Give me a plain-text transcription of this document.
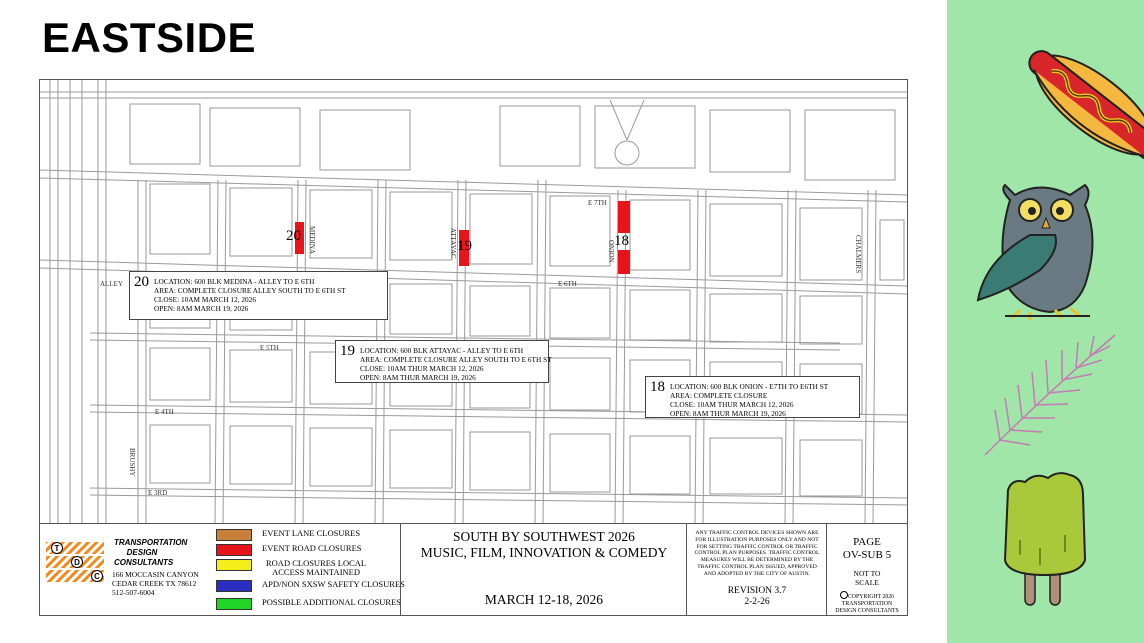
EASTSIDE
E 7TH
E 6TH
E 5TH
E 4TH
E 3RD
ALLEY
MEDINA	ATTAYAC	ONION	CHALMERS
BRUSHY
20
19	18
20 LOCATION: 600 BLK MEDINA - ALLEY TO E 6TH
AREA: COMPLETE CLOSURE ALLEY SOUTH TO E 6TH ST
CLOSE: 10AM MARCH 12, 2026
OPEN: 8AM MARCH 19, 2026
19 LOCATION: 600 BLK ATTAYAC - ALLEY TO E 6TH
AREA: COMPLETE CLOSURE ALLEY SOUTH TO E 6TH ST
CLOSE: 10AM THUR MARCH 12, 2026
OPEN: 8AM THUR MARCH 19, 2026
18 LOCATION: 600 BLK ONION - E7TH TO E6TH ST
AREA: COMPLETE CLOSURE
CLOSE: 10AM THUR MARCH 12, 2026
OPEN: 8AM THUR MARCH 19, 2026
T
D
C
TRANSPORTATION
DESIGN
CONSULTANTS
166 MOCCASIN CANYON
CEDAR CREEK TX 78612
512-507-6004
EVENT LANE CLOSURES
EVENT ROAD CLOSURES
ROAD CLOSURES LOCAL
ACCESS MAINTAINED
APD/NON SXSW SAFETY CLOSURES
POSSIBLE ADDITIONAL CLOSURES
SOUTH BY SOUTHWEST 2026
MUSIC, FILM, INNOVATION & COMEDY
MARCH 12-18, 2026
ANY TRAFFIC CONTROL DEVICES SHOWN ARE FOR ILLUSTRATION PURPOSES ONLY AND NOT FOR SETTING TRAFFIC CONTROL OR TRAFFIC CONTROL PLAN PURPOSES. TRAFFIC CONTROL MEASURES WILL BE DETERMINED BY THE TRAFFIC CONTROL PLAN ISSUED, APPROVED AND ADOPTED BY THE CITY OF AUSTIN.
REVISION 3.7
2-2-26
PAGE
OV-SUB 5
NOT TO
SCALE
COPYRIGHT 2026
TRANSPORTATION
DESIGN CONSULTANTS
